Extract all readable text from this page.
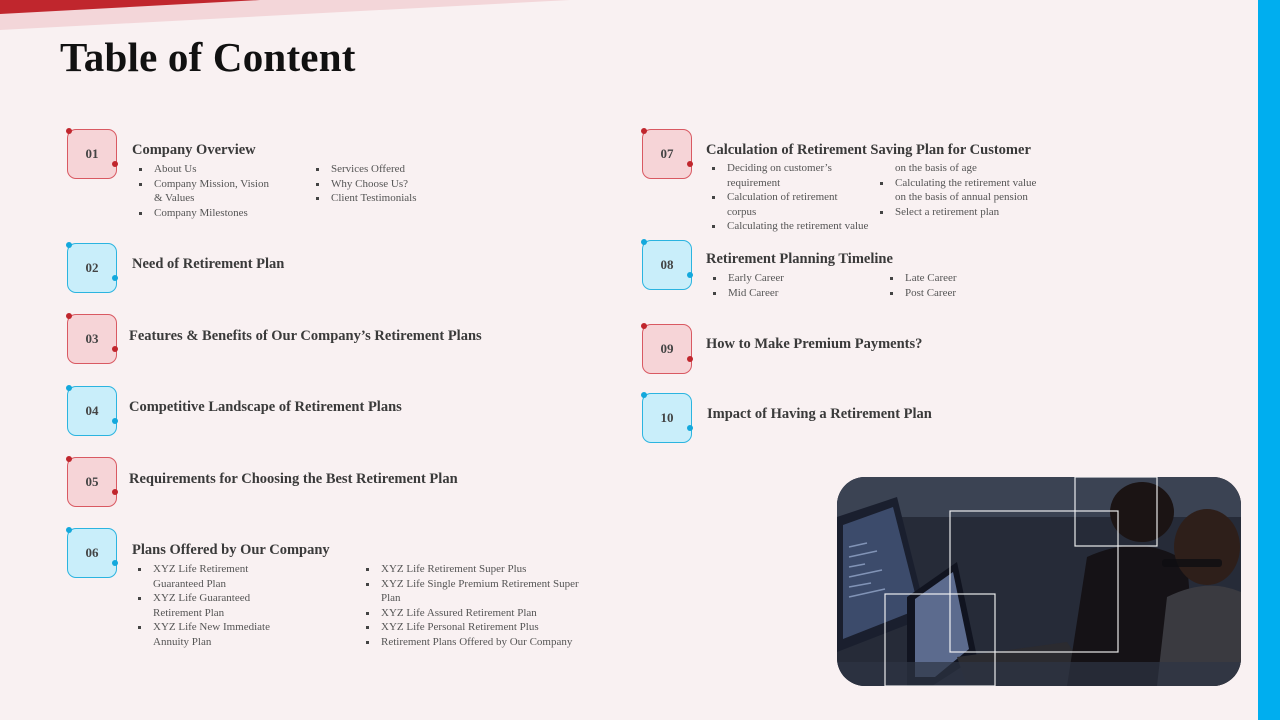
Table of Content
01 Company Overview
About Us
Company Mission, Vision
& Values
Company Milestones
Services Offered
Why Choose Us?
Client Testimonials
02 Need of Retirement Plan
03 Features & Benefits of Our Company’s Retirement Plans
04 Competitive Landscape of Retirement Plans
05 Requirements for Choosing the Best Retirement Plan
06 Plans Offered by Our Company
XYZ Life Retirement
Guaranteed Plan
XYZ Life Guaranteed
Retirement Plan
XYZ Life New Immediate
Annuity Plan
XYZ Life Retirement Super Plus
XYZ Life Single Premium Retirement Super
Plan
XYZ Life Assured Retirement Plan
XYZ Life Personal Retirement Plus
Retirement Plans Offered by Our Company
07 Calculation of Retirement Saving Plan for Customer
Deciding on customer’s
requirement
Calculation of retirement
corpus
Calculating the retirement value
on the basis of age
Calculating the retirement value
on the basis of annual pension
Select a retirement plan
08 Retirement Planning Timeline
Early Career
Mid Career
Late Career
Post Career
09 How to Make Premium Payments?
10 Impact of Having a Retirement Plan
